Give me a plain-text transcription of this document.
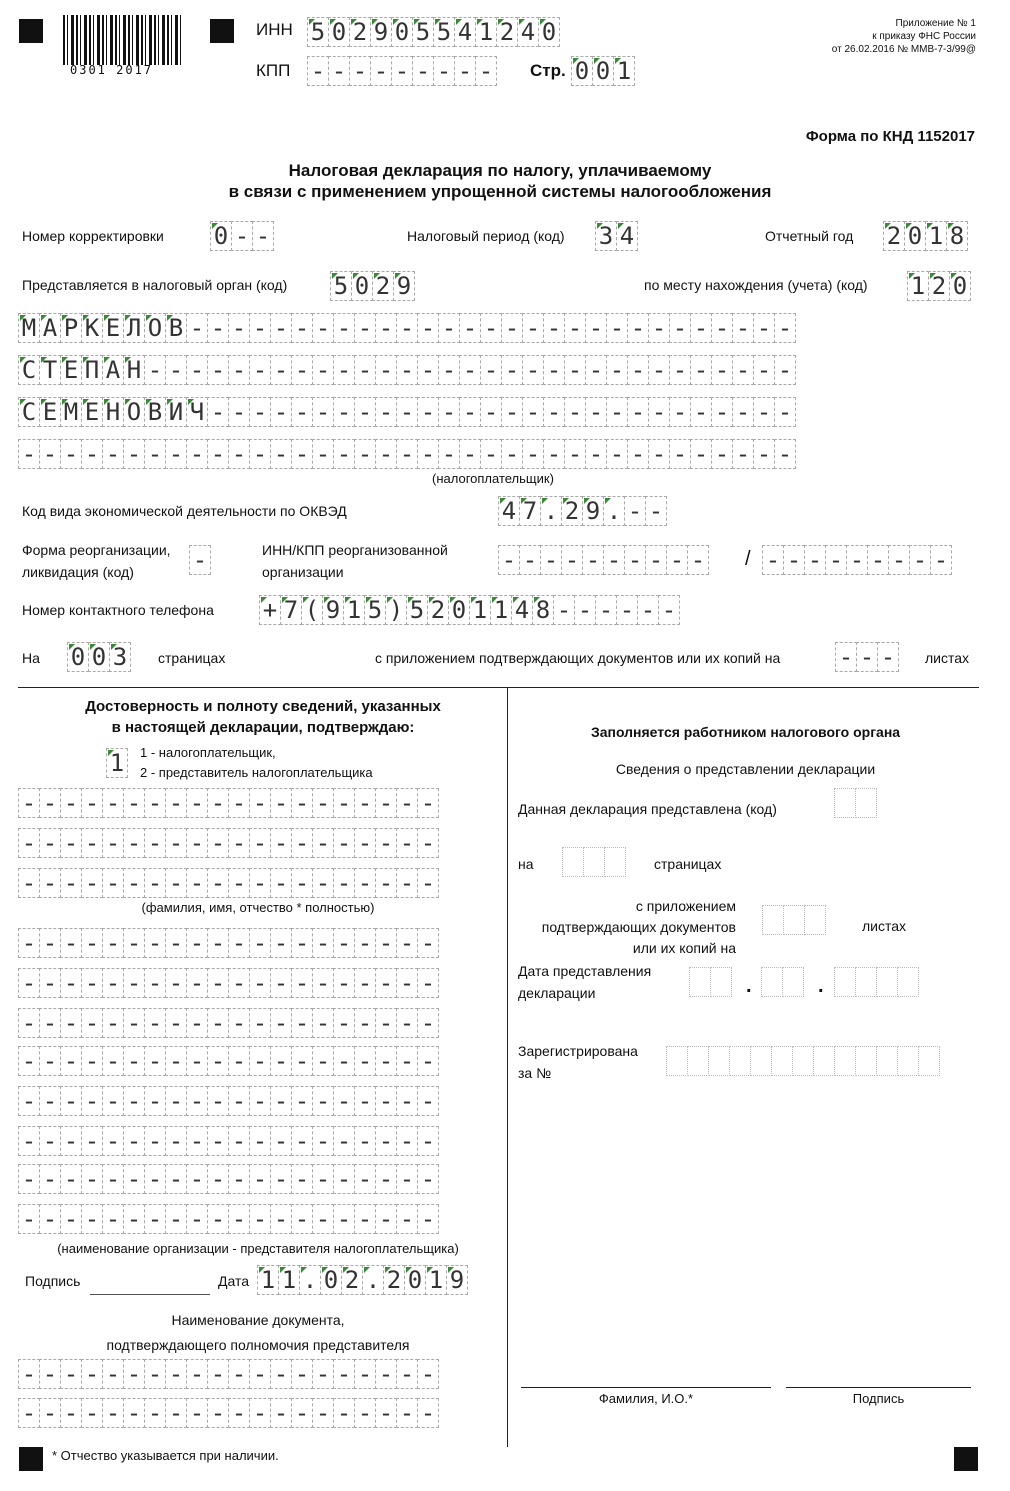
0301 2017
ИНН 5 0 2 9 0 5 5 4 1 2 4 0
КПП - - - - - - - - - Стр. 0 0 1
Приложение № 1
к приказу ФНС России
от 26.02.2016 № ММВ-7-3/99@
Форма по КНД 1152017
Налоговая декларация по налогу, уплачиваемому
в связи с применением упрощенной системы налогообложения
Номер корректировки 0 - -	Налоговый период (код) 3 4	Отчетный год 2 0 1 8
Представляется в налоговый орган (код) 5 0 2 9	по месту нахождения (учета) (код) 1 2 0
М А Р К Е Л О В - - - - - - - - - - - - - - - - - - - - - - - - - - - - -
С Т Е П А Н - - - - - - - - - - - - - - - - - - - - - - - - - - - - - - -
С Е М Е Н О В И Ч - - - - - - - - - - - - - - - - - - - - - - - - - - - -
- - - - - - - - - - - - - - - - - - - - - - - - - - - - - - - - - - - - -
(налогоплательщик)
Код вида экономической деятельности по ОКВЭД	4 7 . 2 9 . - -
Форма реорганизации,
ликвидация (код) -	ИНН/КПП реорганизованной
организации	- - - - - - - - - - / - - - - - - - - -
Номер контактного телефона + 7 ( 9 1 5 ) 5 2 0 1 1 4 8 - - - - - -
На 0 0 3 страницах	с приложением подтверждающих документов или их копий на - - - листах
Достоверность и полноту сведений, указанных
в настоящей декларации, подтверждаю:
1 1 - налогоплательщик,
2 - представитель налогоплательщика
- - - - - - - - - - - - - - - - - - - -
- - - - - - - - - - - - - - - - - - - -
- - - - - - - - - - - - - - - - - - - -
(фамилия, имя, отчество * полностью)
- - - - - - - - - - - - - - - - - - - -
- - - - - - - - - - - - - - - - - - - -
- - - - - - - - - - - - - - - - - - - -
- - - - - - - - - - - - - - - - - - - -
- - - - - - - - - - - - - - - - - - - -
- - - - - - - - - - - - - - - - - - - -
- - - - - - - - - - - - - - - - - - - -
- - - - - - - - - - - - - - - - - - - -
(наименование организации - представителя налогоплательщика)
Подпись	Дата 1 1 . 0 2 . 2 0 1 9
Наименование документа,
подтверждающего полномочия представителя
- - - - - - - - - - - - - - - - - - - -
- - - - - - - - - - - - - - - - - - - -
* Отчество указывается при наличии.
Заполняется работником налогового органа
Сведения о представлении декларации
Данная декларация представлена (код)
на	страницах
с приложением
подтверждающих документов
или их копий на
листах
Дата представления
декларации	.	.
Зарегистрирована
за №
Фамилия, И.О.*	Подпись
